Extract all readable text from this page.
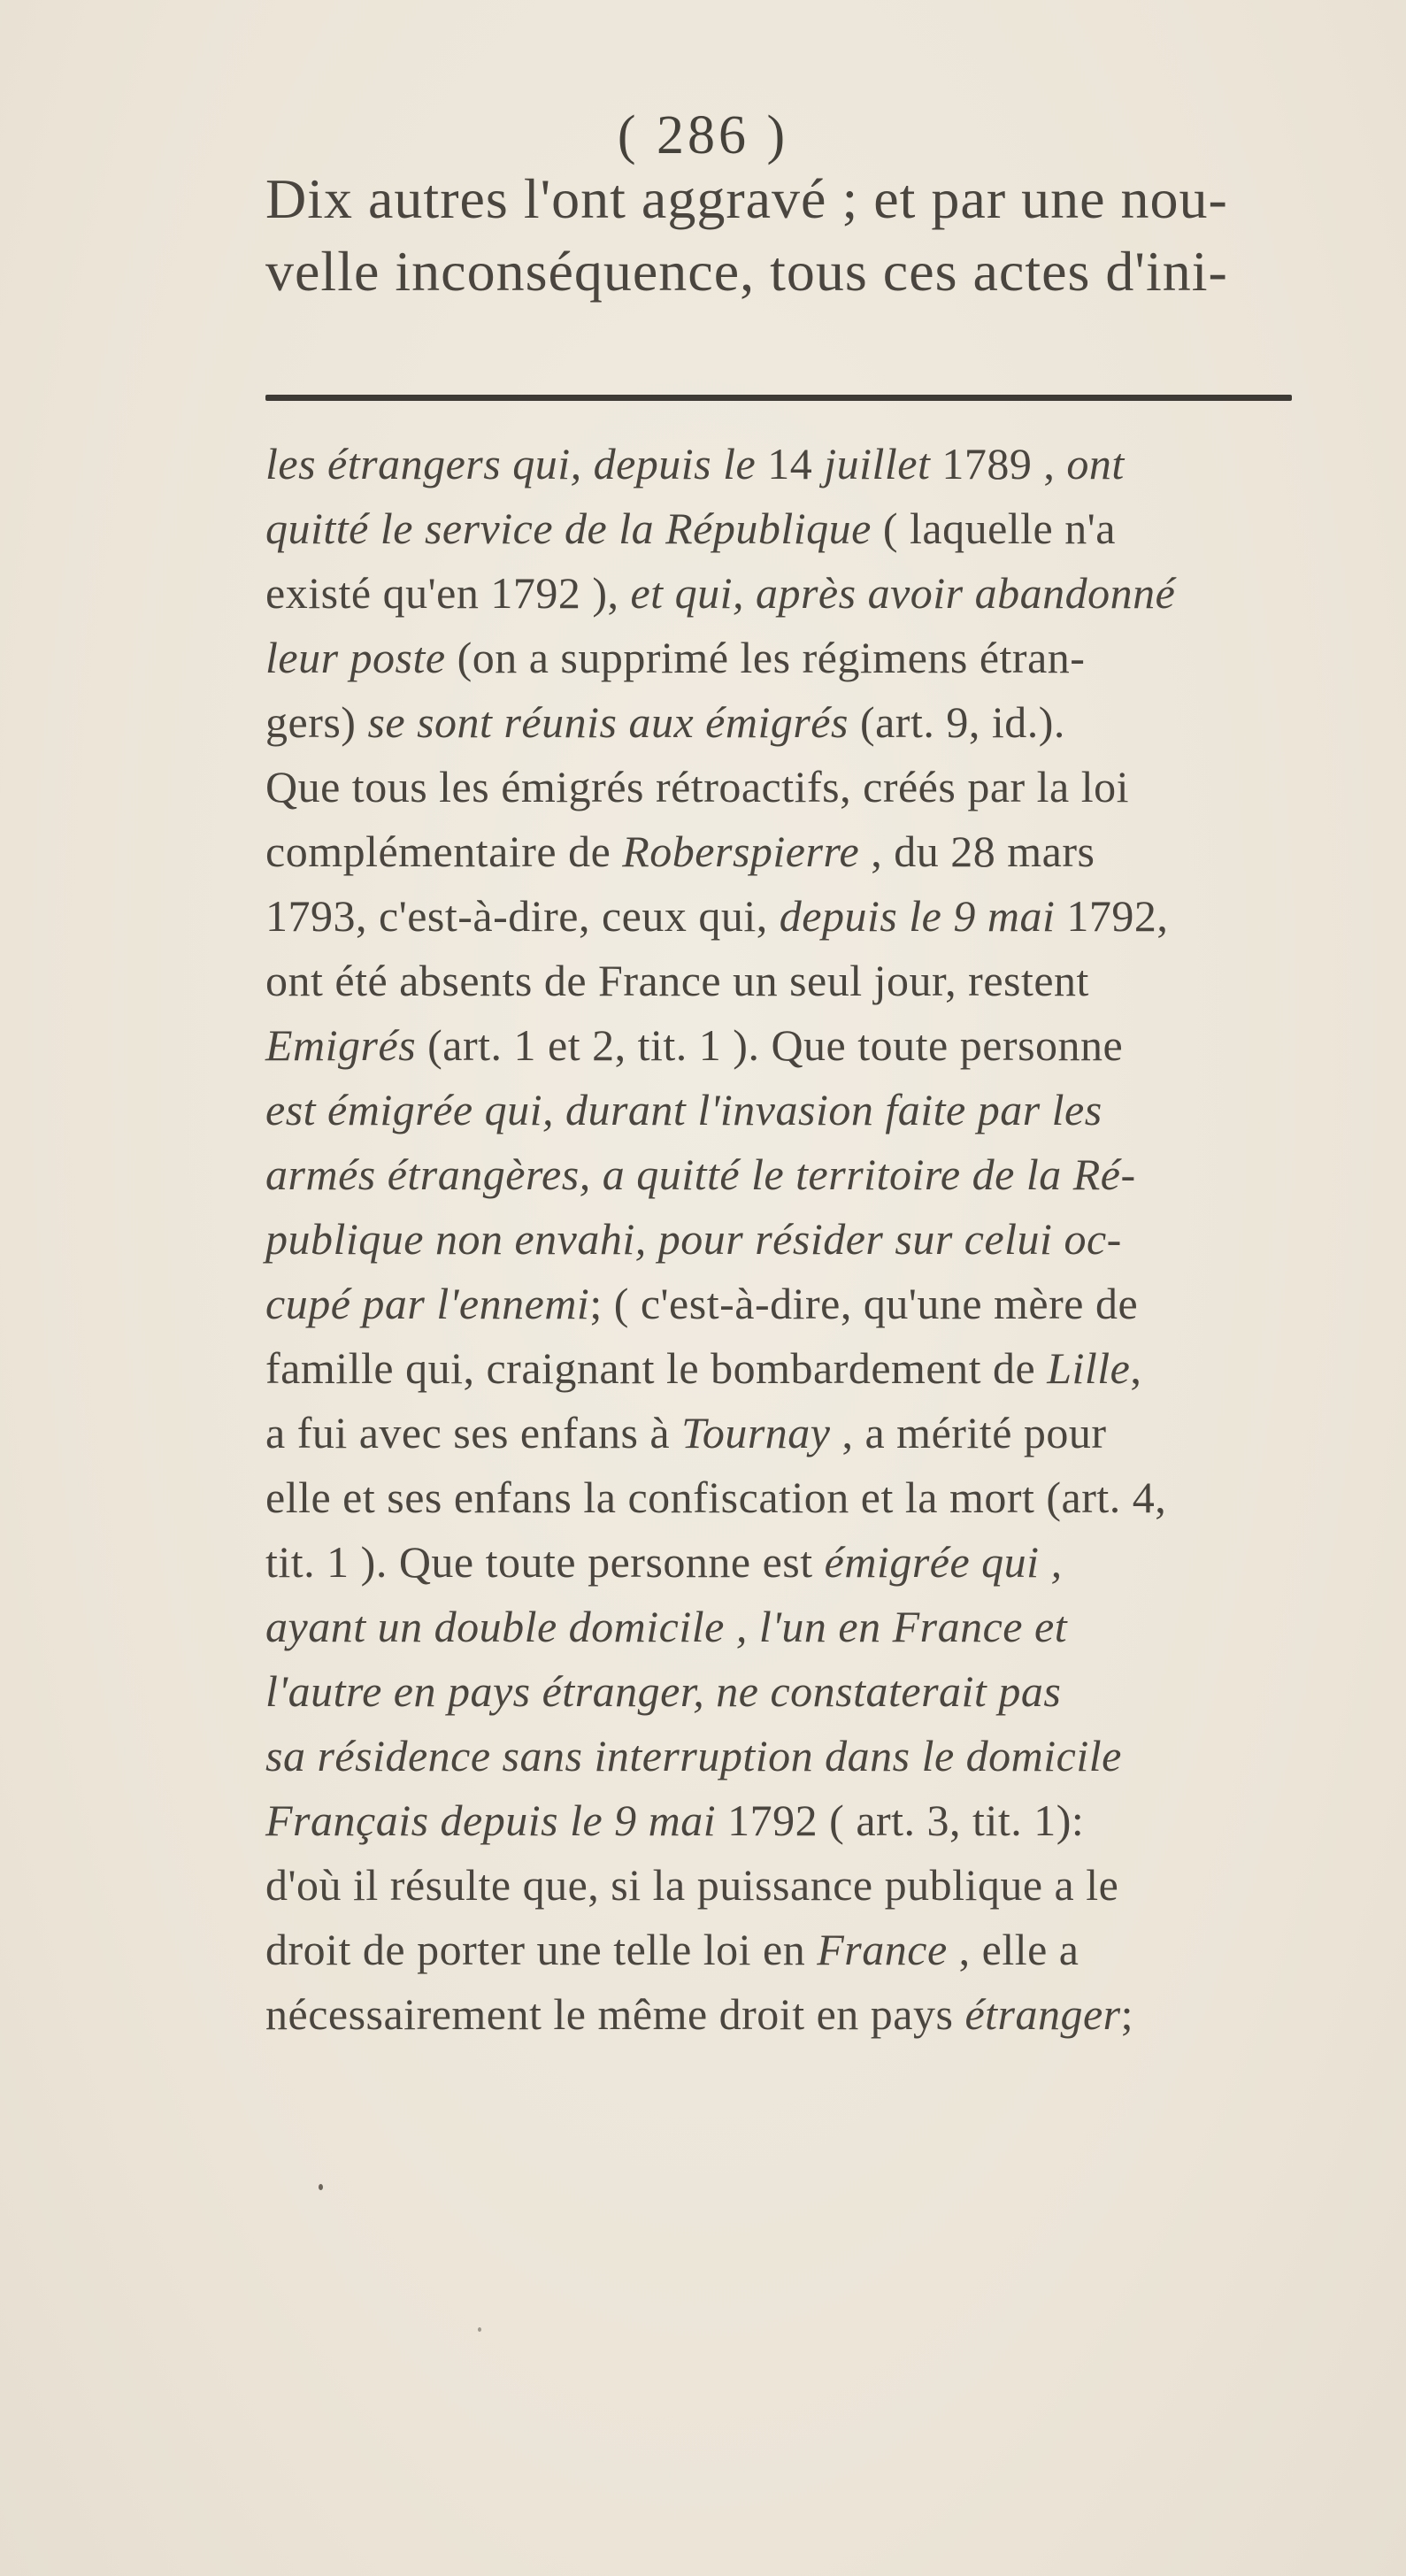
( 286 )
Dix autres l'ont aggravé ; et par une nou-
velle inconséquence, tous ces actes d'ini-
les étrangers qui, depuis le 14 juillet 1789 , ont
quitté le service de la République ( laquelle n'a
existé qu'en 1792 ), et qui, après avoir abandonné
leur poste (on a supprimé les régimens étran-
gers) se sont réunis aux émigrés (art. 9, id.).
Que tous les émigrés rétroactifs, créés par la loi
complémentaire de Roberspierre , du 28 mars
1793, c'est-à-dire, ceux qui, depuis le 9 mai 1792,
ont été absents de France un seul jour, restent
Emigrés (art. 1 et 2, tit. 1 ). Que toute personne
est émigrée qui, durant l'invasion faite par les
armés étrangères, a quitté le territoire de la Ré-
publique non envahi, pour résider sur celui oc-
cupé par l'ennemi; ( c'est-à-dire, qu'une mère de
famille qui, craignant le bombardement de Lille,
a fui avec ses enfans à Tournay , a mérité pour
elle et ses enfans la confiscation et la mort (art. 4,
tit. 1 ). Que toute personne est émigrée qui ,
ayant un double domicile , l'un en France et
l'autre en pays étranger, ne constaterait pas
sa résidence sans interruption dans le domicile
Français depuis le 9 mai 1792 ( art. 3, tit. 1):
d'où il résulte que, si la puissance publique a le
droit de porter une telle loi en France , elle a
nécessairement le même droit en pays étranger;
